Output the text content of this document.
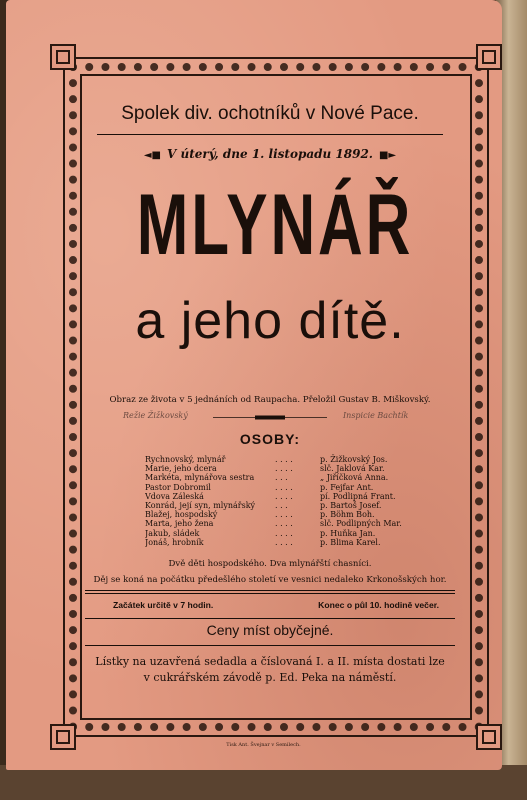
Spolek div. ochotníků v Nové Pace.
◄■ V úterý, dne 1. listopadu 1892. ■►
MLYNÁŘ
a jeho dítě.
Obraz ze života v 5 jednáních od Raupacha. Přeložil Gustav B. Miškovský.
Režie Žižkovský	Inspicie Bachtík
OSOBY:
Rychnovský, mlynář	. . . .	p. Žižkovský Jos.
Marie, jeho dcera	. . . .	slč. Jaklová Kar.
Markéta, mlynářova sestra	. . .	„ Jiříčková Anna.
Pastor Dobromil	. . . .	p. Fejfar Ant.
Vdova Záleská	. . . .	pí. Podlipná Frant.
Konrád, její syn, mlynářský	. . .	p. Bartoš Josef.
Blažej, hospodský	. . . .	p. Böhm Boh.
Marta, jeho žena	. . . .	slč. Podlipných Mar.
Jakub, sládek	. . . .	p. Huňka Jan.
Jonáš, hrobník	. . . .	p. Blima Karel.
Dvě děti hospodského. Dva mlynářští chasníci.
Děj se koná na počátku předešlého století ve vesnici nedaleko Krkonošských hor.
Začátek určitě v 7 hodin.	Konec o půl 10. hodině večer.
Ceny míst obyčejné.
Lístky na uzavřená sedadla a číslovaná I. a II. místa dostati lze
v cukrářském závodě p. Ed. Peka na náměstí.
Tisk Ant. Švejnar v Semilech.
